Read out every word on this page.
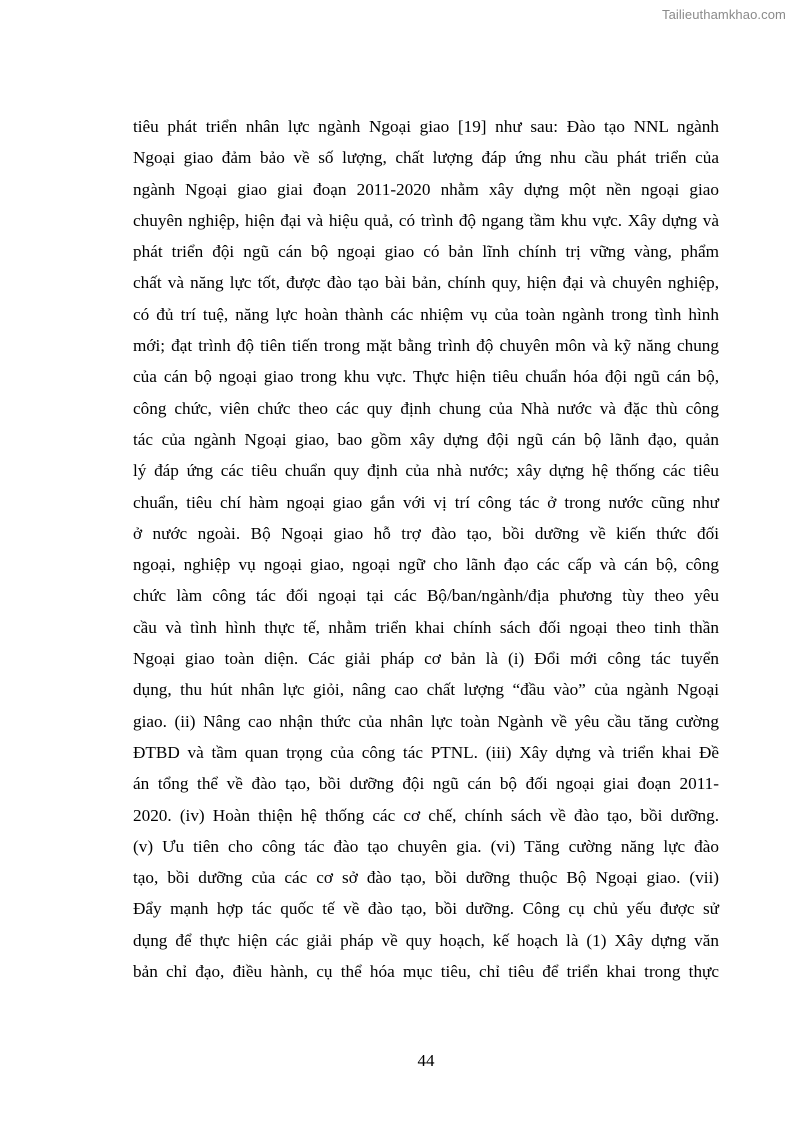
Tailieuthamkhao.com
tiêu phát triển nhân lực ngành Ngoại giao [19] như sau: Đào tạo NNL ngành
Ngoại giao đảm bảo về số lượng, chất lượng đáp ứng nhu cầu phát triển của
ngành Ngoại giao giai đoạn 2011-2020 nhằm xây dựng một nền ngoại giao
chuyên nghiệp, hiện đại và hiệu quả, có trình độ ngang tầm khu vực. Xây dựng và
phát triển đội ngũ cán bộ ngoại giao có bản lĩnh chính trị vững vàng, phẩm
chất và năng lực tốt, được đào tạo bài bản, chính quy, hiện đại và chuyên nghiệp,
có đủ trí tuệ, năng lực hoàn thành các nhiệm vụ của toàn ngành trong tình hình
mới; đạt trình độ tiên tiến trong mặt bằng trình độ chuyên môn và kỹ năng chung
của cán bộ ngoại giao trong khu vực. Thực hiện tiêu chuẩn hóa đội ngũ cán bộ,
công chức, viên chức theo các quy định chung của Nhà nước và đặc thù công
tác của ngành Ngoại giao, bao gồm xây dựng đội ngũ cán bộ lãnh đạo, quản
lý đáp ứng các tiêu chuẩn quy định của nhà nước; xây dựng hệ thống các tiêu
chuẩn, tiêu chí hàm ngoại giao gắn với vị trí công tác ở trong nước cũng như
ở nước ngoài. Bộ Ngoại giao hỗ trợ đào tạo, bồi dưỡng về kiến thức đối
ngoại, nghiệp vụ ngoại giao, ngoại ngữ cho lãnh đạo các cấp và cán bộ, công
chức làm công tác đối ngoại tại các Bộ/ban/ngành/địa phương tùy theo yêu
cầu và tình hình thực tế, nhằm triển khai chính sách đối ngoại theo tinh thần
Ngoại giao toàn diện. Các giải pháp cơ bản là (i) Đổi mới công tác tuyển
dụng, thu hút nhân lực giỏi, nâng cao chất lượng “đầu vào” của ngành Ngoại
giao. (ii) Nâng cao nhận thức của nhân lực toàn Ngành về yêu cầu tăng cường
ĐTBD và tầm quan trọng của công tác PTNL. (iii) Xây dựng và triển khai Đề
án tổng thể về đào tạo, bồi dưỡng đội ngũ cán bộ đối ngoại giai đoạn 2011-
2020. (iv) Hoàn thiện hệ thống các cơ chế, chính sách về đào tạo, bồi dưỡng.
(v) Ưu tiên cho công tác đào tạo chuyên gia. (vi) Tăng cường năng lực đào
tạo, bồi dưỡng của các cơ sở đào tạo, bồi dưỡng thuộc Bộ Ngoại giao. (vii)
Đẩy mạnh hợp tác quốc tế về đào tạo, bồi dưỡng. Công cụ chủ yếu được sử
dụng để thực hiện các giải pháp về quy hoạch, kế hoạch là (1) Xây dựng văn
bản chỉ đạo, điều hành, cụ thể hóa mục tiêu, chỉ tiêu để triển khai trong thực
44
